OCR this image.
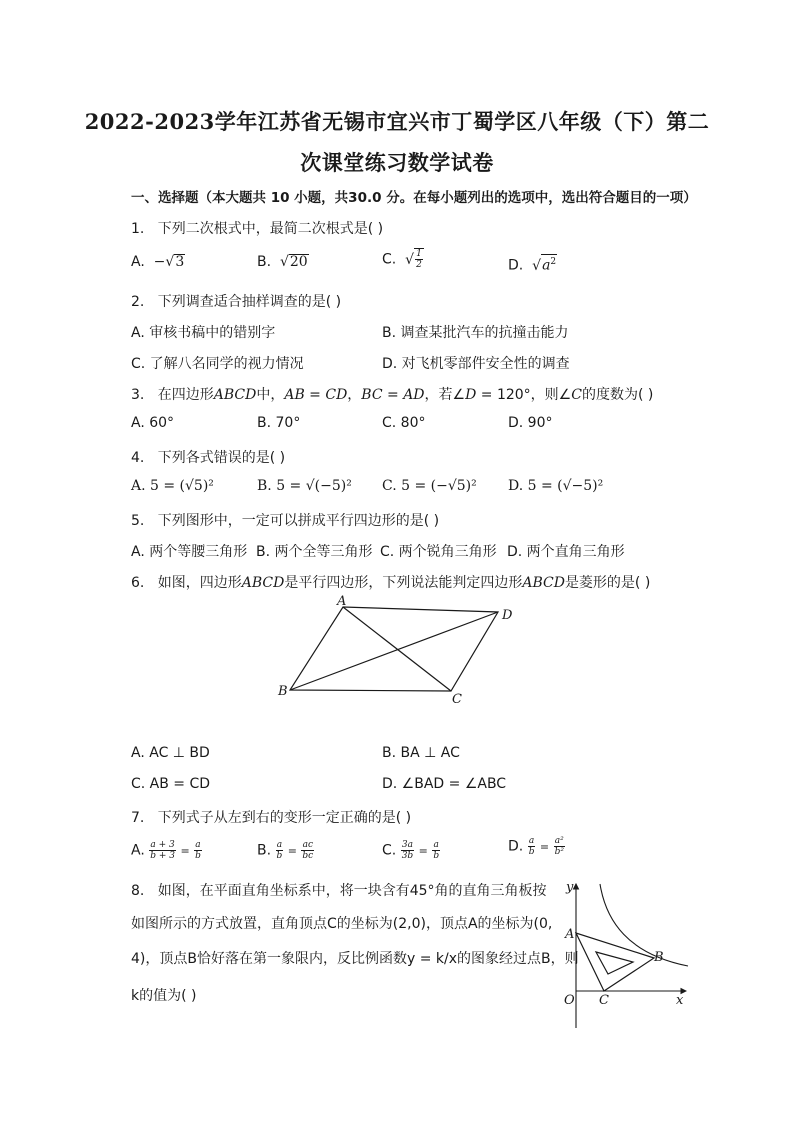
2022-2023学年江苏省无锡市宜兴市丁蜀学区八年级（下）第二
次课堂练习数学试卷
一、选择题（本大题共 10 小题，共30.0 分。在每小题列出的选项中，选出符合题目的一项）
1. 下列二次根式中，最简二次根式是( )
A.  −√3	B.  √20	C.  √ $\frac{1}{2}$	D.  $√a^2$
2. 下列调查适合抽样调查的是( )
A. 审核书稿中的错别字	B. 调查某批汽车的抗撞击能力
C. 了解八名同学的视力情况	D. 对飞机零部件安全性的调查
3. 在四边形ABCD中，AB = CD，BC = AD，若∠D = 120°，则∠C的度数为( )
A. 60°	B. 70°	C. 80°	D. 90°
4. 下列各式错误的是( )
A. 5 = (√5)²	B. 5 = √(−5)² C. 5 = (−√5)² D. 5 = (√−5)²
5. 下列图形中，一定可以拼成平行四边形的是( )
A. 两个等腰三角形 B. 两个全等三角形 C. 两个锐角三角形 D. 两个直角三角形
6. 如图，四边形ABCD是平行四边形，下列说法能判定四边形ABCD是菱形的是( )
A
D
B
C
A. AC ⊥ BD	B. BA ⊥ AC
C. AB = CD	D. ∠BAD = ∠ABC
7. 下列式子从左到右的变形一定正确的是( )
A. $\frac{a + 3}{b + 3} = \frac{a}{b}$	B. $\frac{a}{b} = \frac{ac}{bc}$	C. $\frac{3a}{3b} = \frac{a}{b}$	D. $\frac{a}{b} = \frac{\text{a²}}{\text{b²}}$
8. 如图，在平面直角坐标系中，将一块含有45°角的直角三角板按
如图所示的方式放置，直角顶点C的坐标为(2,0)，顶点A的坐标为(0,
4)，顶点B恰好落在第一象限内，反比例函数y = k/x的图象经过点B，则
k的值为( )
y
A
B
O C	x
